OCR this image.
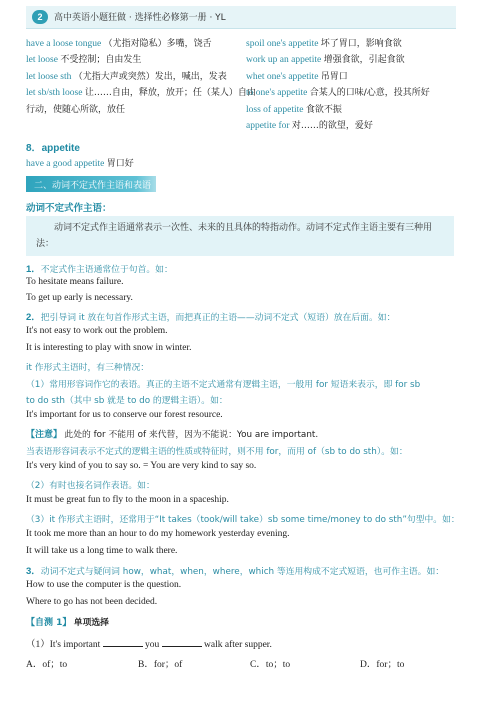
2	高中英语小题狂做 · 选择性必修第一册 · YL
have a loose tongue （尤指对隐私）多嘴，饶舌
let loose 不受控制；自由发生
let loose sth （尤指大声或突然）发出，喊出，发表
let sb/sth loose 让……自由，释放，放开；任（某人）自由行动，使随心所欲，放任
spoil one's appetite 坏了胃口，影响食欲
work up an appetite 增强食欲，引起食欲
whet one's appetite 吊胃口
to one's appetite 合某人的口味/心意，投其所好
loss of appetite 食欲不振
appetite for 对……的欲望，爱好
8．appetite
have a good appetite 胃口好
二、动词不定式作主语和表语
动词不定式作主语：
动词不定式作主语通常表示一次性、未来的且具体的特指动作。动词不定式作主语主要有三种用法：
1．不定式作主语通常位于句首。如：
To hesitate means failure.
To get up early is necessary.
2．把引导词 it 放在句首作形式主语，而把真正的主语——动词不定式（短语）放在后面。如：
It's not easy to work out the problem.
It is interesting to play with snow in winter.
it 作形式主语时，有三种情况：
（1）常用形容词作它的表语。真正的主语不定式通常有逻辑主语，一般用 for 短语来表示，即 for sb
to do sth（其中 sb 就是 to do 的逻辑主语）。如：
It's important for us to conserve our forest resource.
【注意】 此处的 for 不能用 of 来代替，因为不能说：You are important.
当表语形容词表示不定式的逻辑主语的性质或特征时，则不用 for，而用 of（sb to do sth）。如：
It's very kind of you to say so. = You are very kind to say so.
（2）有时也接名词作表语。如：
It must be great fun to fly to the moon in a spaceship.
（3）it 作形式主语时，还常用于“It takes（took/will take）sb some time/money to do sth”句型中。如：
It took me more than an hour to do my homework yesterday evening.
It will take us a long time to walk there.
3．动词不定式与疑问词 how，what，when，where，which 等连用构成不定式短语，也可作主语。如：
How to use the computer is the question.
Where to go has not been decided.
【自测 1】 单项选择
（1）It's important	you	walk after supper.
A．of；to	B．for；of	C．to；to	D．for；to
